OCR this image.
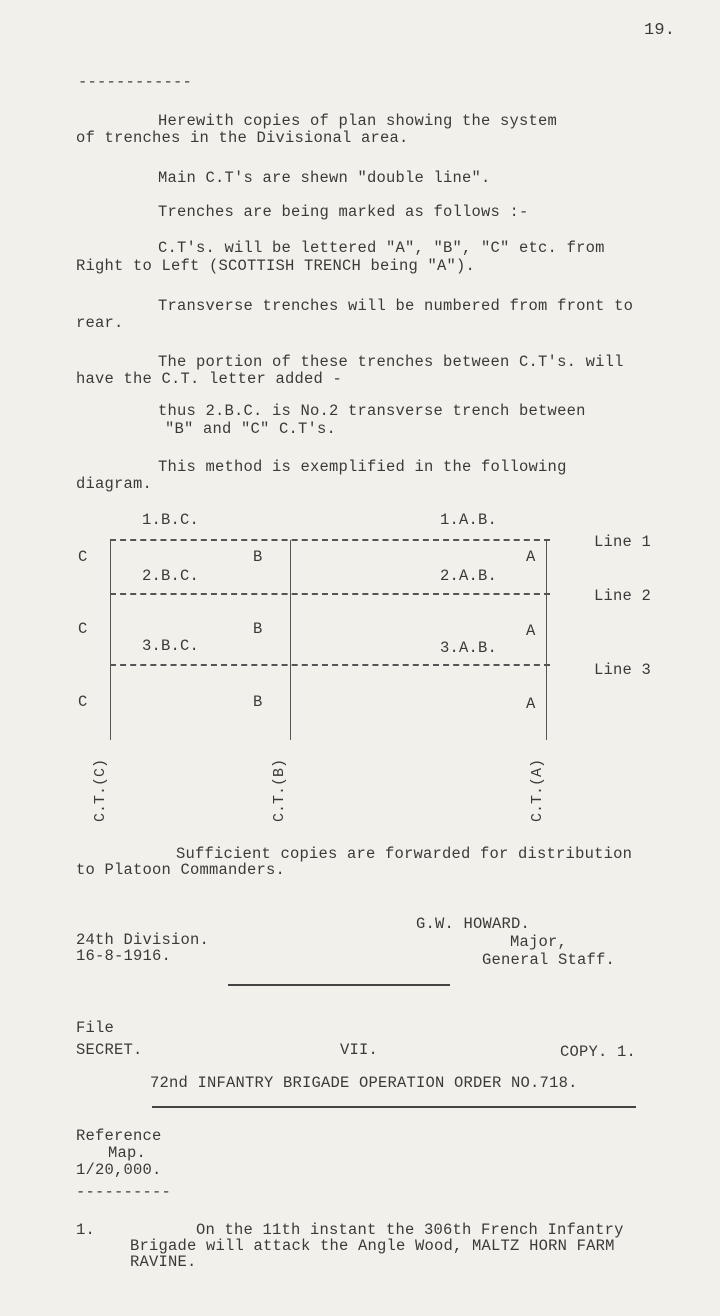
19.
------------
Herewith copies of plan showing the system
of trenches in the Divisional area.
Main C.T's are shewn "double line".
Trenches are being marked as follows :-
C.T's. will be lettered "A", "B", "C" etc. from
Right to Left (SCOTTISH TRENCH being "A").
Transverse trenches will be numbered from front to
rear.
The portion of these trenches between C.T's. will
have the C.T. letter added -
thus 2.B.C. is No.2 transverse trench between
"B" and "C" C.T's.
This method is exemplified in the following
diagram.
1.B.C.	1.A.B.
C	B	A
2.B.C.	2.A.B.
C	B	A
3.B.C.	3.A.B.
C	B	A
Line 1
Line 2
Line 3
C.T.(C)	C.T.(B)	C.T.(A)
Sufficient copies are forwarded for distribution
to Platoon Commanders.
G.W. HOWARD.
Major,
General Staff.
24th Division.
16-8-1916.
File
SECRET.	VII.	COPY. 1.
72nd INFANTRY BRIGADE OPERATION ORDER NO.718.
Reference
Map.
1/20,000.
----------
1.	On the 11th instant the 306th French Infantry
Brigade will attack the Angle Wood, MALTZ HORN FARM
RAVINE.
